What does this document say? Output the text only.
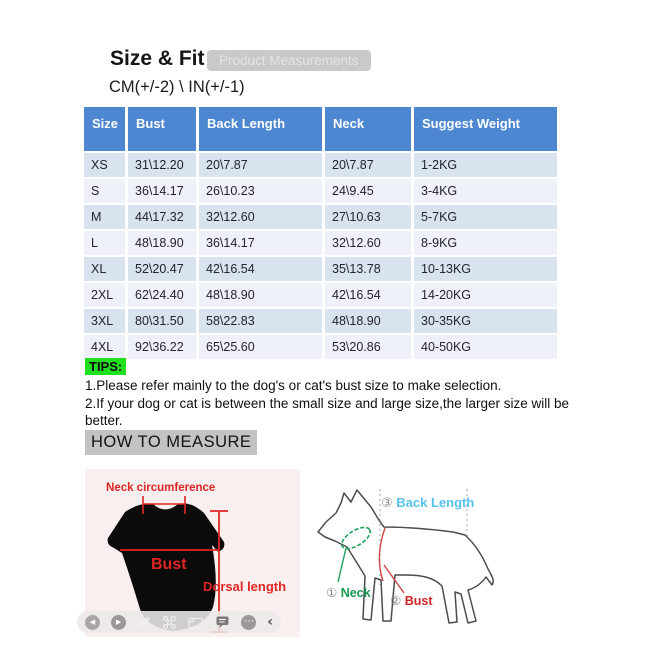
Size & Fit	Product Measurements
CM(+/-2) \ IN(+/-1)
Size	Bust	Back Length	Neck	Suggest Weight
XS	31\12.20	20\7.87	20\7.87	1-2KG
S	36\14.17	26\10.23	24\9.45	3-4KG
M	44\17.32	32\12.60	27\10.63	5-7KG
L	48\18.90	36\14.17	32\12.60	8-9KG
XL	52\20.47	42\16.54	35\13.78	10-13KG
2XL	62\24.40	48\18.90	42\16.54	14-20KG
3XL	80\31.50	58\22.83	48\18.90	30-35KG
4XL	92\36.22	65\25.60	53\20.86	40-50KG
TIPS:
1.Please refer mainly to the dog's or cat's bust size to make selection.
2.If your dog or cat is between the small size and large size,the larger size will be better.
HOW TO MEASURE
Neck circumference
Bust
Dorsal length
③ Back Length
① Neck
② Bust
◀	▶	⋯ ‹
